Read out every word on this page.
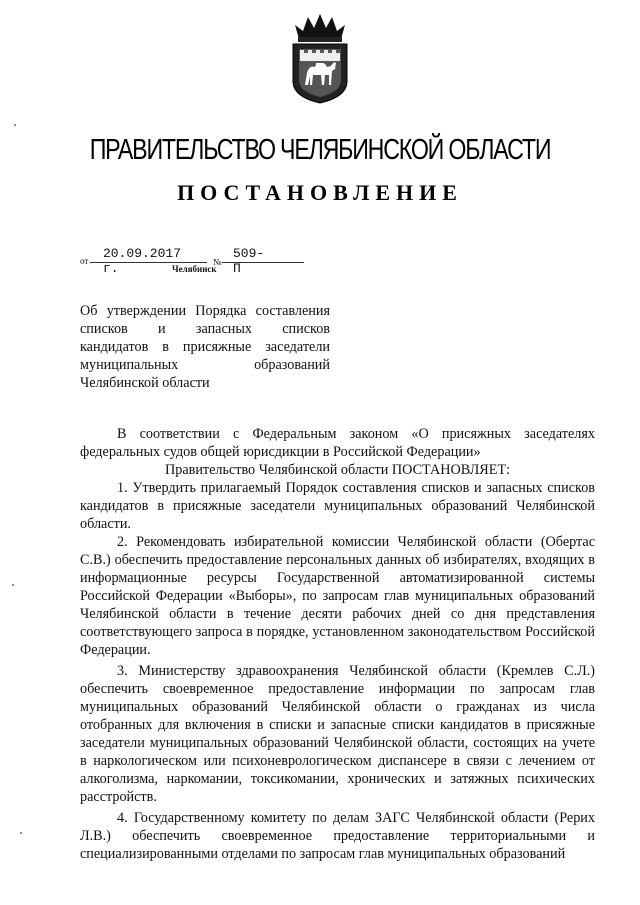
ПРАВИТЕЛЬСТВО ЧЕЛЯБИНСКОЙ ОБЛАСТИ
ПОСТАНОВЛЕНИЕ
от 20.09.2017 г.	№
509-П
Челябинск

Об утверждении Порядка составления

списков и запасных списков

кандидатов в присяжные заседатели

муниципальных образований

Челябинской области

В соответствии с Федеральным законом «О присяжных заседателях федеральных судов общей юрисдикции в Российской Федерации»

Правительство Челябинской области ПОСТАНОВЛЯЕТ:

1. Утвердить прилагаемый Порядок составления списков и запасных списков кандидатов в присяжные заседатели муниципальных образований Челябинской области.

2. Рекомендовать избирательной комиссии Челябинской области (Обертас С.В.) обеспечить предоставление персональных данных об избирателях, входящих в информационные ресурсы Государственной автоматизированной системы Российской Федерации «Выборы», по запросам глав муниципальных образований Челябинской области в течение десяти рабочих дней со дня представления соответствующего запроса в порядке, установленном законодательством Российской Федерации.

3. Министерству здравоохранения Челябинской области (Кремлев С.Л.) обеспечить своевременное предоставление информации по запросам глав муниципальных образований Челябинской области о гражданах из числа отобранных для включения в списки и запасные списки кандидатов в присяжные заседатели муниципальных образований Челябинской области, состоящих на учете в наркологическом или психоневрологическом диспансере в связи с лечением от алкоголизма, наркомании, токсикомании, хронических и затяжных психических расстройств.

4. Государственному комитету по делам ЗАГС Челябинской области (Рерих Л.В.) обеспечить своевременное предоставление территориальными и специализированными отделами по запросам глав муниципальных образований
